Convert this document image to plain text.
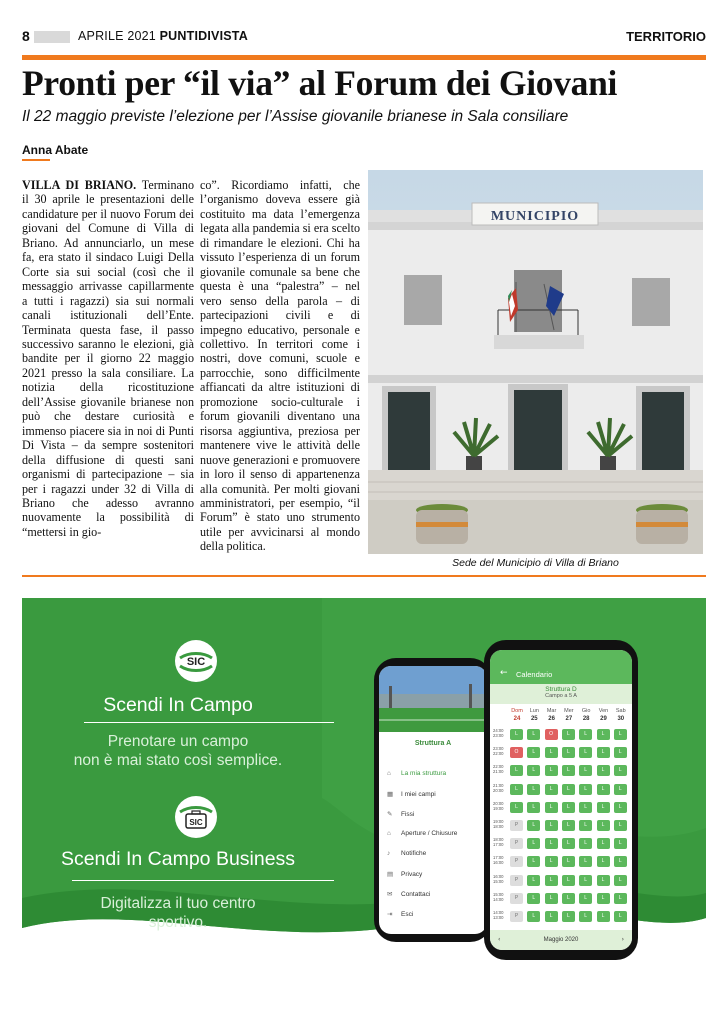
8	APRILE 2021 PUNTIDIVISTA	TERRITORIO
Pronti per “il via” al Forum dei Giovani
Il 22 maggio previste l’elezione per l’Assise giovanile brianese in Sala consiliare
Anna Abate
VILLA DI BRIANO. Terminano il 30 aprile le presentazioni delle candidature per il nuovo Forum dei giovani del Comune di Villa di Briano. Ad annunciarlo, un mese fa, era stato il sindaco Luigi Della Corte sia sui social (così che il messaggio arrivasse capillarmente a tutti i ragazzi) sia sui normali canali istituzionali dell’Ente. Terminata questa fase, il passo successivo saranno le elezioni, già bandite per il giorno 22 maggio 2021 presso la sala consiliare. La notizia della ricostituzione dell’Assise giovanile brianese non può che destare curiosità e immenso piacere sia in noi di Punti Di Vista – da sempre sostenitori della diffusione di questi sani organismi di partecipazione – sia per i ragazzi under 32 di Villa di Briano che adesso avranno nuovamente la possibilità di “mettersi in gio-
co”. Ricordiamo infatti, che l’organismo doveva essere già costituito ma data l’emergenza legata alla pandemia si era scelto di rimandare le elezioni. Chi ha vissuto l’esperienza di un forum giovanile comunale sa bene che questa è una “palestra” – nel vero senso della parola – di partecipazioni civili e di impegno educativo, personale e collettivo. In territori come i nostri, dove comuni, scuole e parrocchie, sono difficilmente affiancati da altre istituzioni di promozione socio-culturale i forum giovanili diventano una risorsa aggiuntiva, preziosa per mantenere vive le attività delle nuove generazioni e promuovere in loro il senso di appartenenza alla comunità. Per molti giovani amministratori, per esempio, “il Forum” è stato uno strumento utile per avvicinarsi al mondo della politica.
MUNICIPIO
Sede del Municipio di Villa di Briano
SIC
Scendi In Campo
Prenotare un campo
non è mai stato così semplice.
SIC
Scendi In Campo Business
Digitalizza il tuo centro
sportivo.
Struttura A
⌂ La mia struttura
▦ I miei campi
✎ Fissi
⌂ Aperture / Chiusure
♪ Notifiche
▤ Privacy
✉ Contattaci
⇥ Esci
← Calendario
Struttura D
Campo a 5 A
Dom
24
Lun
25
Mar
26
Mer
27
Gio
28
Ven
29
Sab
30
24:00 23:00	L	L	O	L	L	L	L
23:00 22:00	O	L	L	L	L	L	L
22:00 21:00	L	L	L	L	L	L	L
21:00 20:00	L	L	L	L	L	L	L
20:00 19:00	L	L	L	L	L	L	L
19:00 18:00	P	L	L	L	L	L	L
18:00 17:00	P	L	L	L	L	L	L
17:00 16:00	P	L	L	L	L	L	L
16:00 15:00	P	L	L	L	L	L	L
15:00 14:00	P	L	L	L	L	L	L
14:00 13:00	P	L	L	L	L	L	L
‹	Maggio 2020	›
